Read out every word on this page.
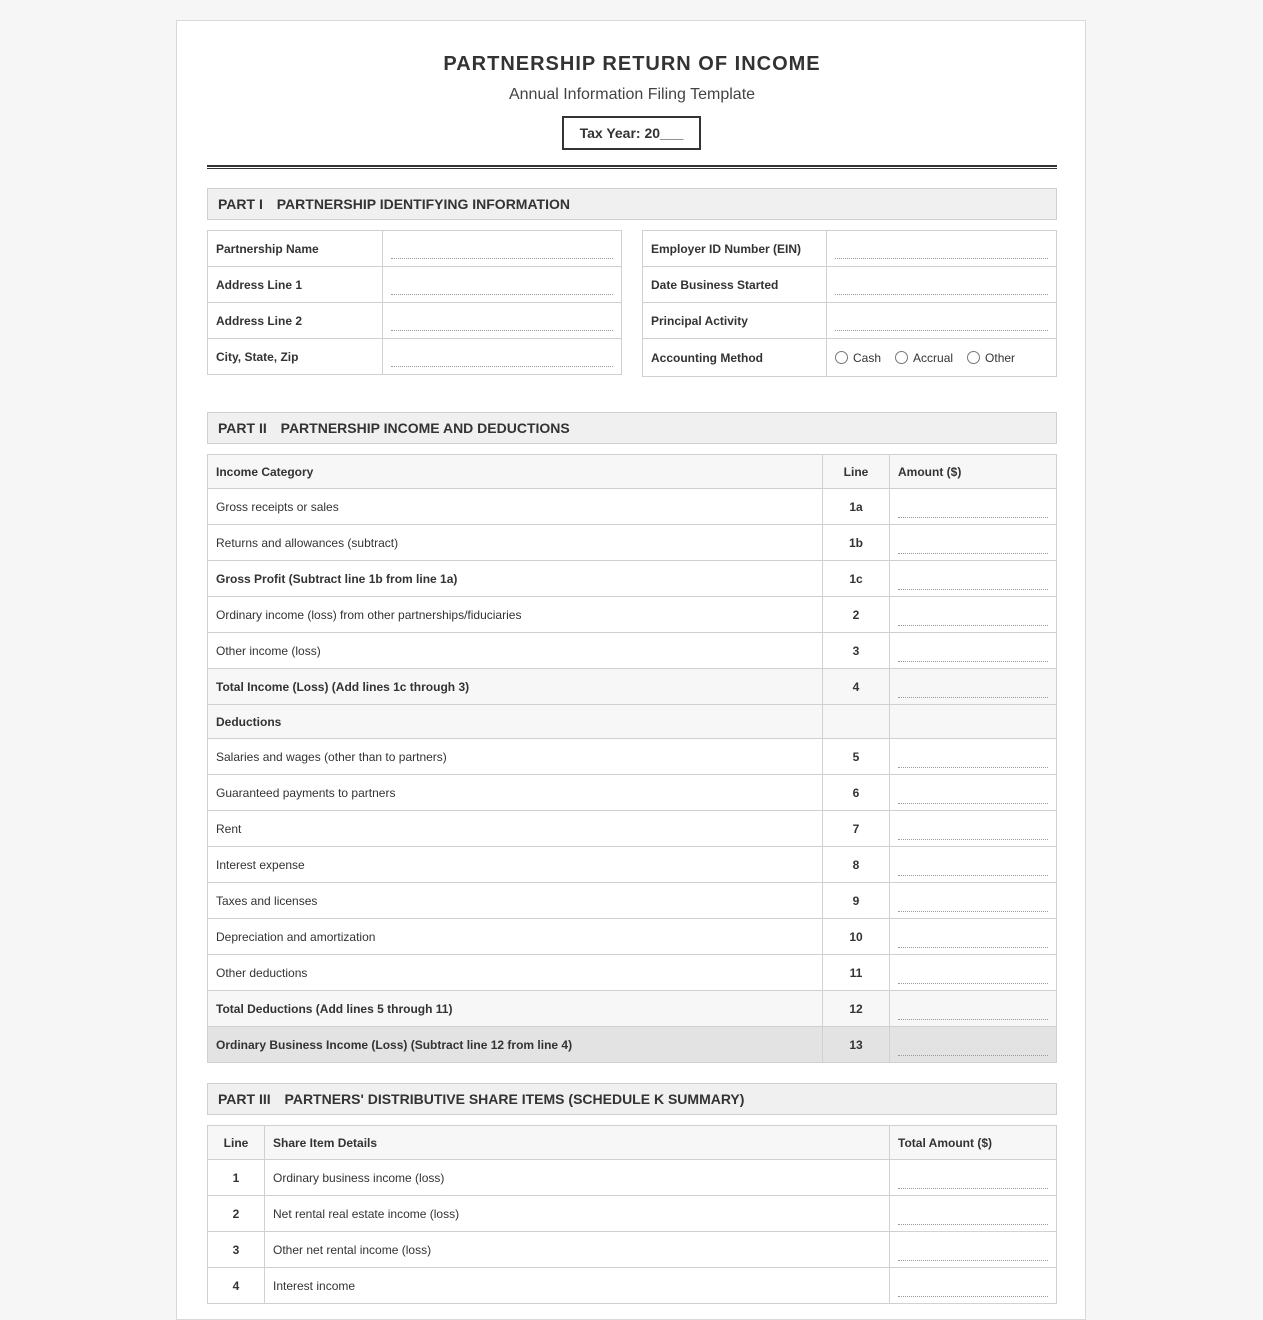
PARTNERSHIP RETURN OF INCOME
Annual Information Filing Template
Tax Year: 20___
PART I PARTNERSHIP IDENTIFYING INFORMATION
Partnership Name	

Address Line 1	

Address Line 2	

City, State, Zip	
Employer ID Number (EIN)	

Date Business Started	

Principal Activity	

Accounting Method	Cash Accrual Other
PART II PARTNERSHIP INCOME AND DEDUCTIONS
Income Category	Line	Amount ($)
Gross receipts or sales	1a	

Returns and allowances (subtract)	1b	

Gross Profit (Subtract line 1b from line 1a)	1c	

Ordinary income (loss) from other partnerships/fiduciaries	2	

Other income (loss)	3	

Total Income (Loss) (Add lines 1c through 3)	4	

Deductions		
Salaries and wages (other than to partners)	5	

Guaranteed payments to partners	6	

Rent	7	

Interest expense	8	

Taxes and licenses	9	

Depreciation and amortization	10	

Other deductions	11	

Total Deductions (Add lines 5 through 11)	12	

Ordinary Business Income (Loss) (Subtract line 12 from line 4)	13	
PART III PARTNERS' DISTRIBUTIVE SHARE ITEMS (SCHEDULE K SUMMARY)
Line	Share Item Details	Total Amount ($)
1	Ordinary business income (loss)	

2	Net rental real estate income (loss)	

3	Other net rental income (loss)	

4	Interest income	
